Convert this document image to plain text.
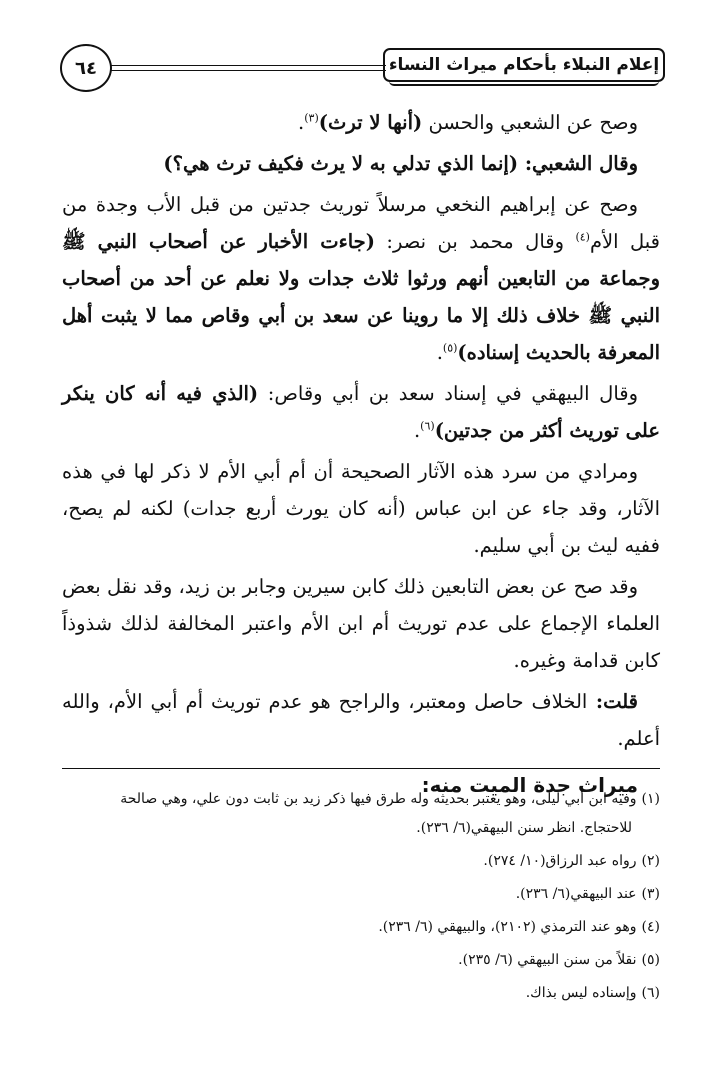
إعلام النبلاء بأحكام ميراث النساء
٦٤

وصح عن الشعبي والحسن (أنها لا ترث)$^{(٣)}$.

وقال الشعبي: (إنما الذي تدلي به لا يرث فكيف ترث هي؟)

وصح عن إبراهيم النخعي مرسلاً توريث جدتين من قبل الأب وجدة من قبل الأم$^{(٤)}$ وقال محمد بن نصر: (جاءت الأخبار عن أصحاب النبي ﷺ وجماعة من التابعين أنهم ورثوا ثلاث جدات ولا نعلم عن أحد من أصحاب النبي ﷺ خلاف ذلك إلا ما روينا عن سعد بن أبي وقاص مما لا يثبت أهل المعرفة بالحديث إسناده)$^{(٥)}$.

وقال البيهقي في إسناد سعد بن أبي وقاص: (الذي فيه أنه كان ينكر على توريث أكثر من جدتين)$^{(٦)}$.

ومرادي من سرد هذه الآثار الصحيحة أن أم أبي الأم لا ذكر لها في هذه الآثار، وقد جاء عن ابن عباس (أنه كان يورث أربع جدات) لكنه لم يصح، ففيه ليث بن أبي سليم.

وقد صح عن بعض التابعين ذلك كابن سيرين وجابر بن زيد، وقد نقل بعض العلماء الإجماع على عدم توريث أم ابن الأم واعتبر المخالفة لذلك شذوذاً كابن قدامة وغيره.

قلت: الخلاف حاصل ومعتبر، والراجح هو عدم توريث أم أبي الأم، والله أعلم.

ميراث جدة الميت منه:

(١)وفيه ابن أبي ليلى، وهو يعتبر بحديثه وله طرق فيها ذكر زيد بن ثابت دون علي، وهي صالحة

للاحتجاج. انظر سنن البيهقي(٦/ ٢٣٦).

(٢)رواه عبد الرزاق(١٠/ ٢٧٤).

(٣)عند البيهقي(٦/ ٢٣٦).

(٤)وهو عند الترمذي (٢١٠٢)، والبيهقي (٦/ ٢٣٦).

(٥)نقلاً من سنن البيهقي (٦/ ٢٣٥).

(٦)وإسناده ليس بذاك.
